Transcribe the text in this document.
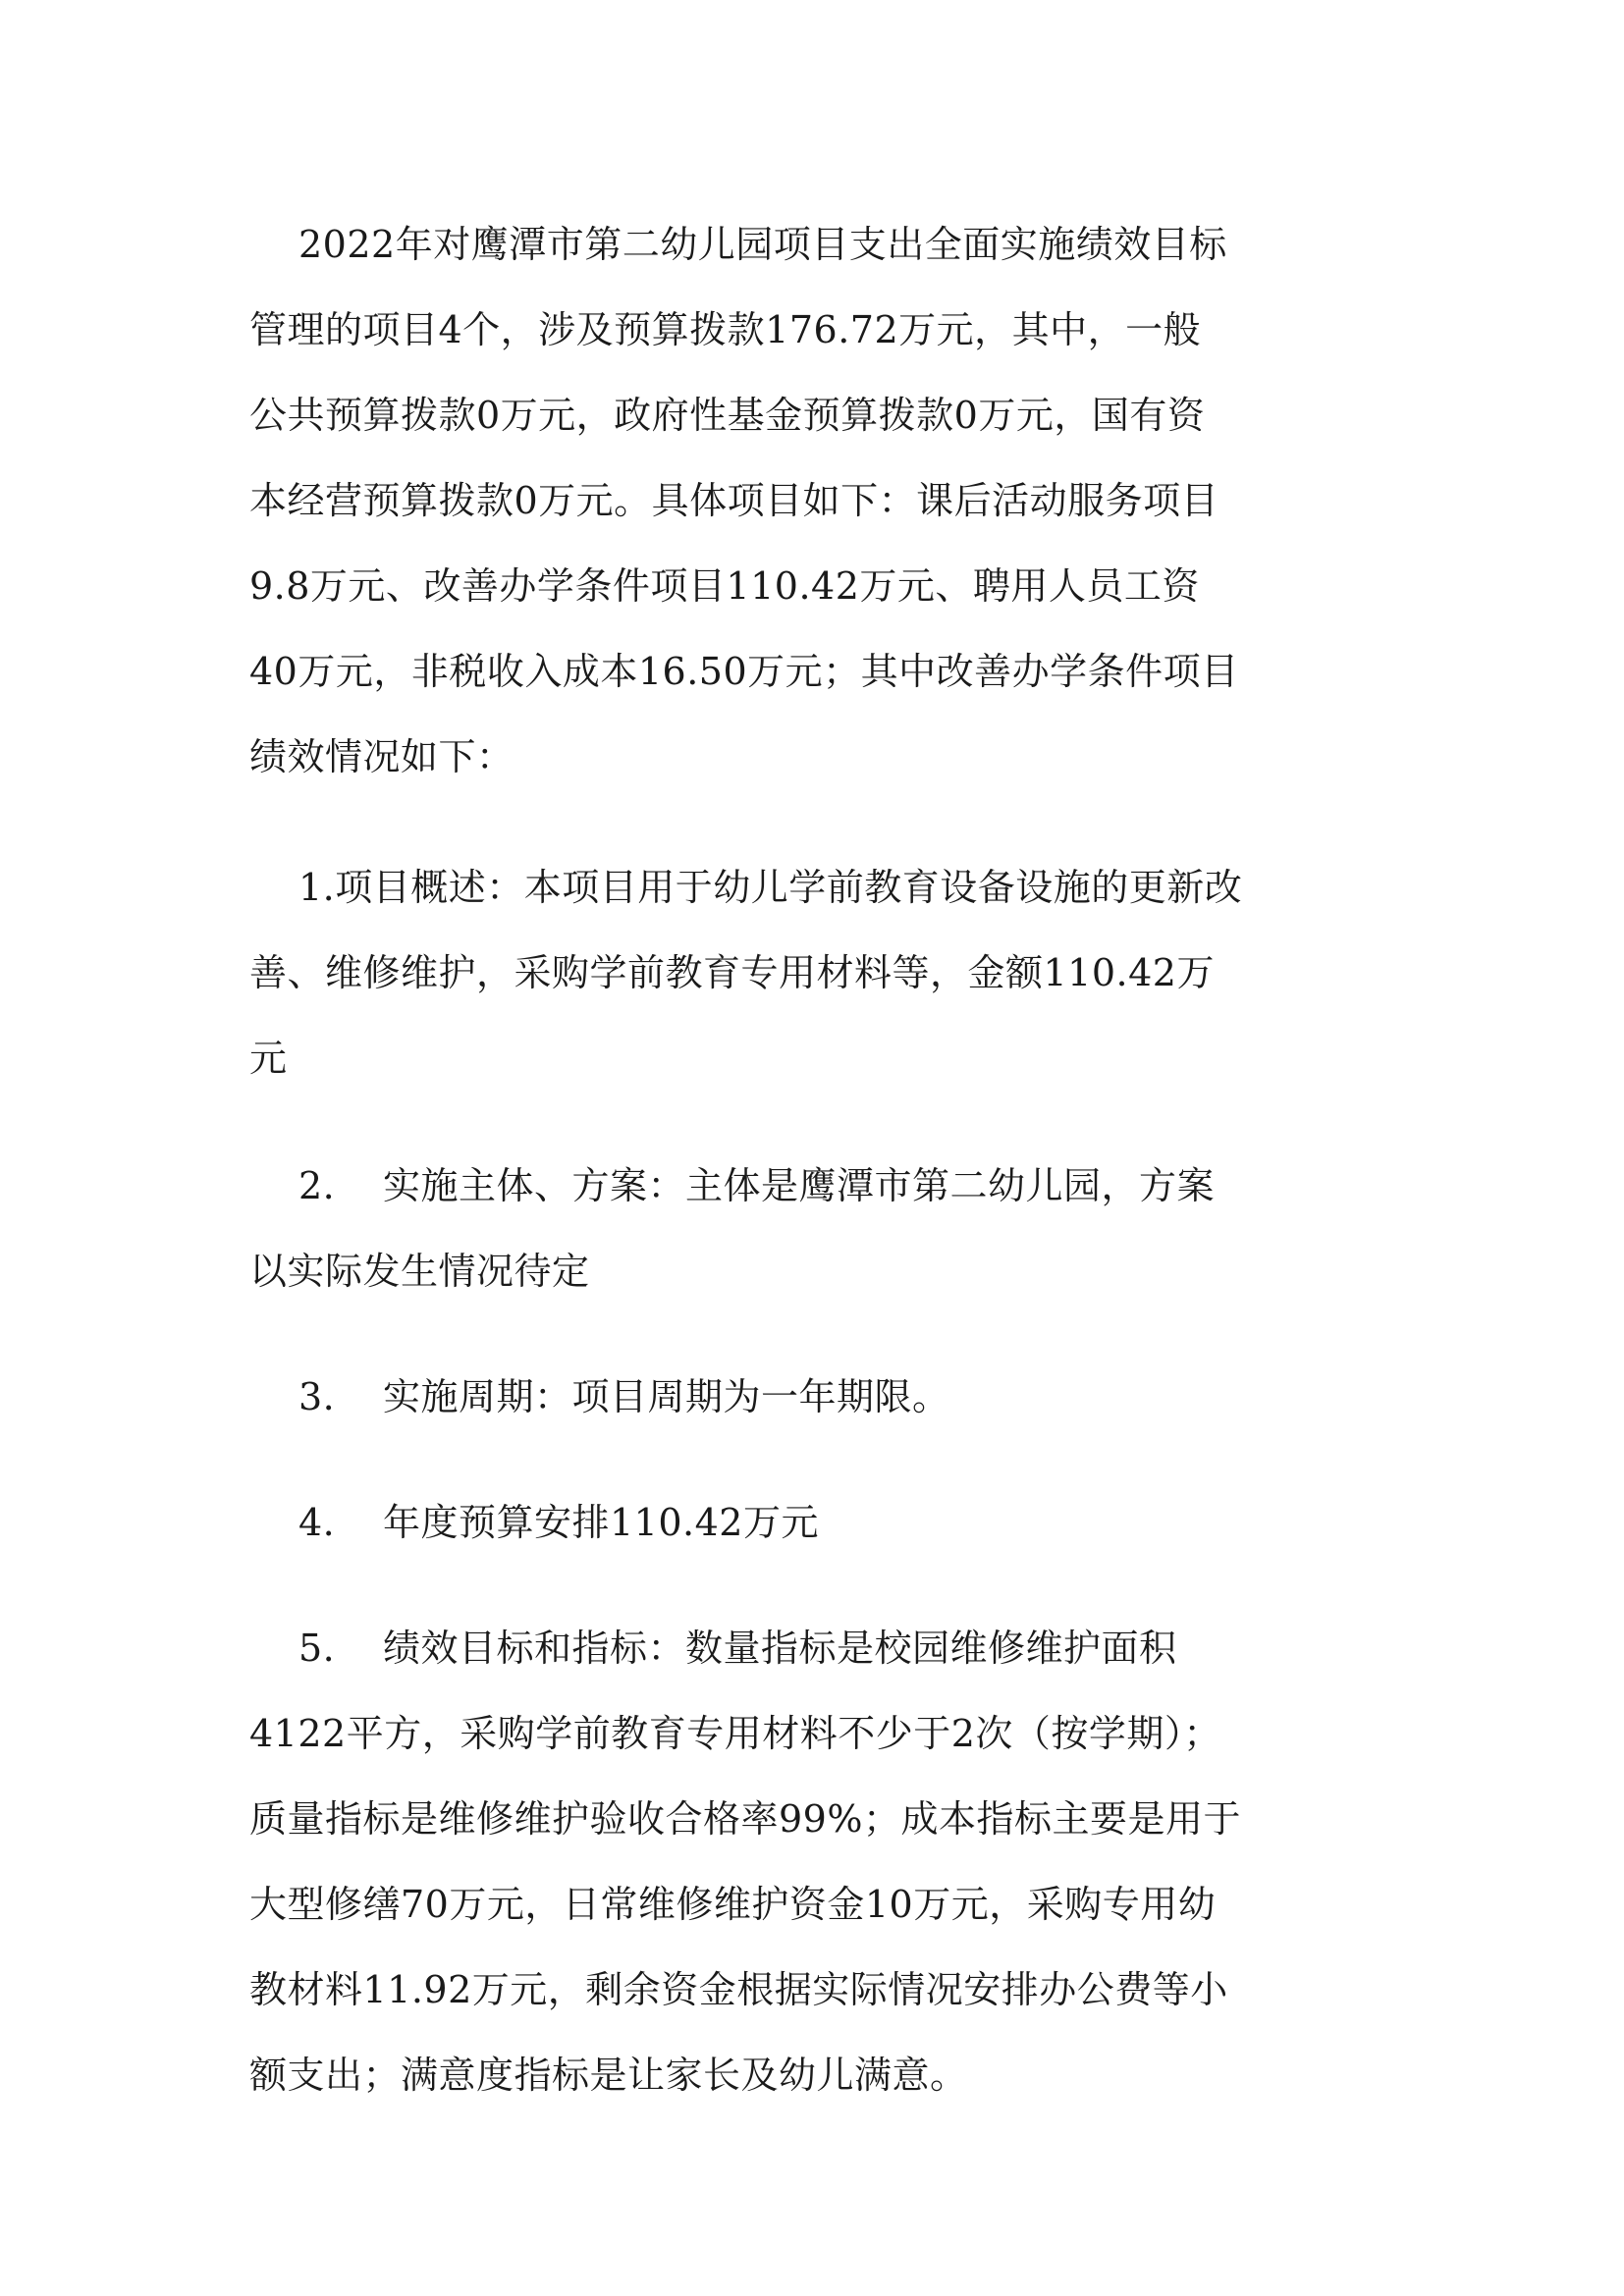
2022年对鹰潭市第二幼儿园项目支出全面实施绩效目标
管理的项目4个，涉及预算拨款176.72万元，其中，一般
公共预算拨款0万元，政府性基金预算拨款0万元，国有资
本经营预算拨款0万元。具体项目如下：课后活动服务项目
9.8万元、改善办学条件项目110.42万元、聘用人员工资
40万元，非税收入成本16.50万元；其中改善办学条件项目
绩效情况如下：
1.项目概述：本项目用于幼儿学前教育设备设施的更新改
善、维修维护，采购学前教育专用材料等，金额110.42万
元
2. 实施主体、方案：主体是鹰潭市第二幼儿园，方案
以实际发生情况待定
3. 实施周期：项目周期为一年期限。
4. 年度预算安排110.42万元
5. 绩效目标和指标：数量指标是校园维修维护面积
4122平方，采购学前教育专用材料不少于2次（按学期）；
质量指标是维修维护验收合格率99%；成本指标主要是用于
大型修缮70万元，日常维修维护资金10万元，采购专用幼
教材料11.92万元，剩余资金根据实际情况安排办公费等小
额支出；满意度指标是让家长及幼儿满意。
